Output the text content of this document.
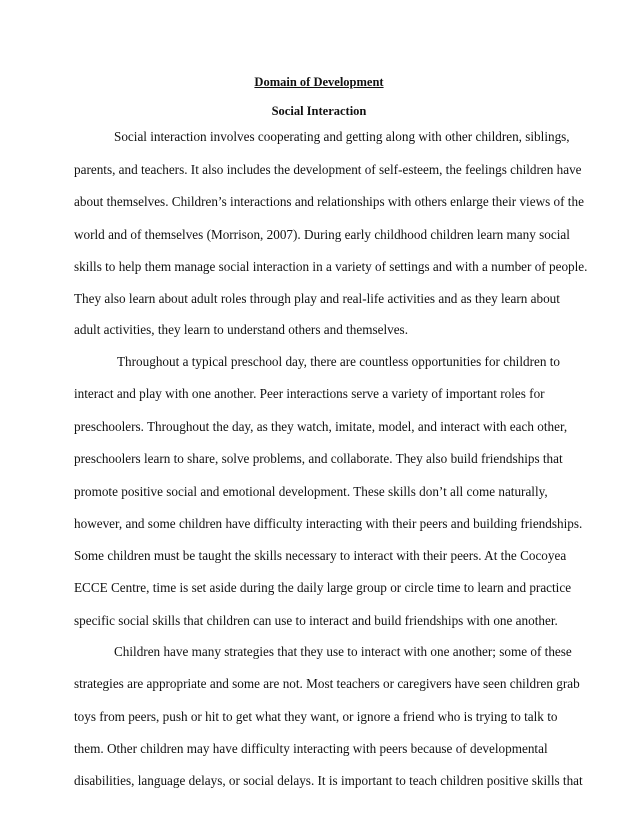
Domain of Development
Social Interaction
Social interaction involves cooperating and getting along with other children, siblings,
parents, and teachers. It also includes the development of self-esteem, the feelings children have
about themselves. Children’s interactions and relationships with others enlarge their views of the
world and of themselves (Morrison, 2007). During early childhood children learn many social
skills to help them manage social interaction in a variety of settings and with a number of people.
They also learn about adult roles through play and real-life activities and as they learn about
adult activities, they learn to understand others and themselves.
Throughout a typical preschool day, there are countless opportunities for children to
interact and play with one another. Peer interactions serve a variety of important roles for
preschoolers. Throughout the day, as they watch, imitate, model, and interact with each other,
preschoolers learn to share, solve problems, and collaborate. They also build friendships that
promote positive social and emotional development. These skills don’t all come naturally,
however, and some children have difficulty interacting with their peers and building friendships.
Some children must be taught the skills necessary to interact with their peers. At the Cocoyea
ECCE Centre, time is set aside during the daily large group or circle time to learn and practice
specific social skills that children can use to interact and build friendships with one another.
Children have many strategies that they use to interact with one another; some of these
strategies are appropriate and some are not. Most teachers or caregivers have seen children grab
toys from peers, push or hit to get what they want, or ignore a friend who is trying to talk to
them. Other children may have difficulty interacting with peers because of developmental
disabilities, language delays, or social delays. It is important to teach children positive skills that
